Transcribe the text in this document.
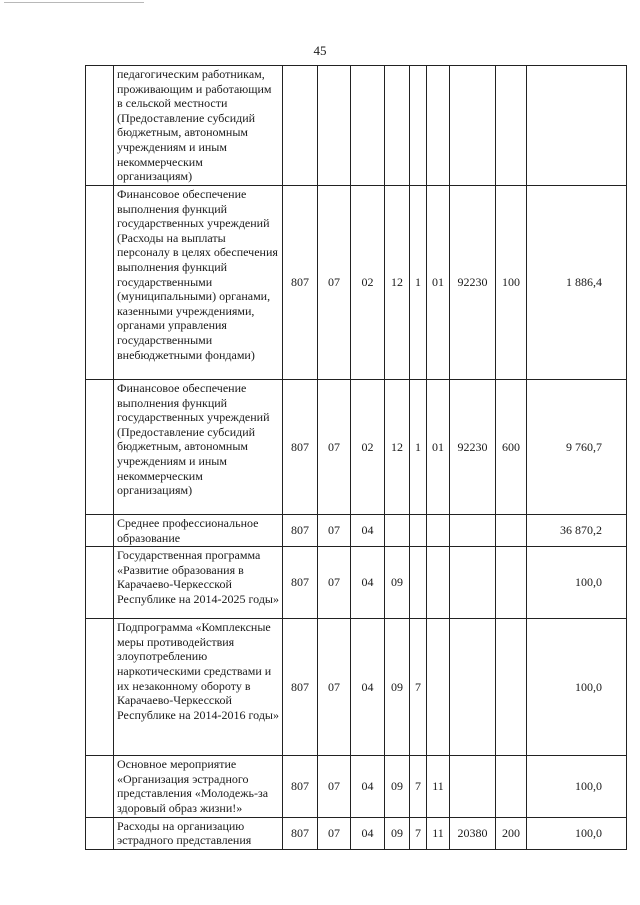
45
	педагогическим работникам, проживающим и работающим в сельской местности (Предоставление субсидий бюджетным, автономным учреждениям и иным некоммерческим организациям)									
	Финансовое обеспечение выполнения функций государственных учреждений (Расходы на выплаты персоналу в целях обеспечения выполнения функций государственными (муниципальными) органами, казенными учреждениями, органами управления государственными внебюджетными фондами)	807	07	02	12	1	01	92230	100	1 886,4
	Финансовое обеспечение выполнения функций государственных учреждений (Предоставление субсидий бюджетным, автономным учреждениям и иным некоммерческим организациям)	807	07	02	12	1	01	92230	600	9 760,7
	Среднее профессиональное образование	807	07	04						36 870,2
	Государственная программа «Развитие образования в Карачаево-Черкесской Республике на 2014-2025 годы»	807	07	04	09					100,0
	Подпрограмма «Комплексные меры противодействия злоупотреблению наркотическими средствами и их незаконному обороту в Карачаево-Черкесской Республике на 2014-2016 годы»	807	07	04	09	7				100,0
	Основное мероприятие «Организация эстрадного представления «Молодежь-за здоровый образ жизни!»	807	07	04	09	7	11			100,0
	Расходы на организацию эстрадного представления	807	07	04	09	7	11	20380	200	100,0
